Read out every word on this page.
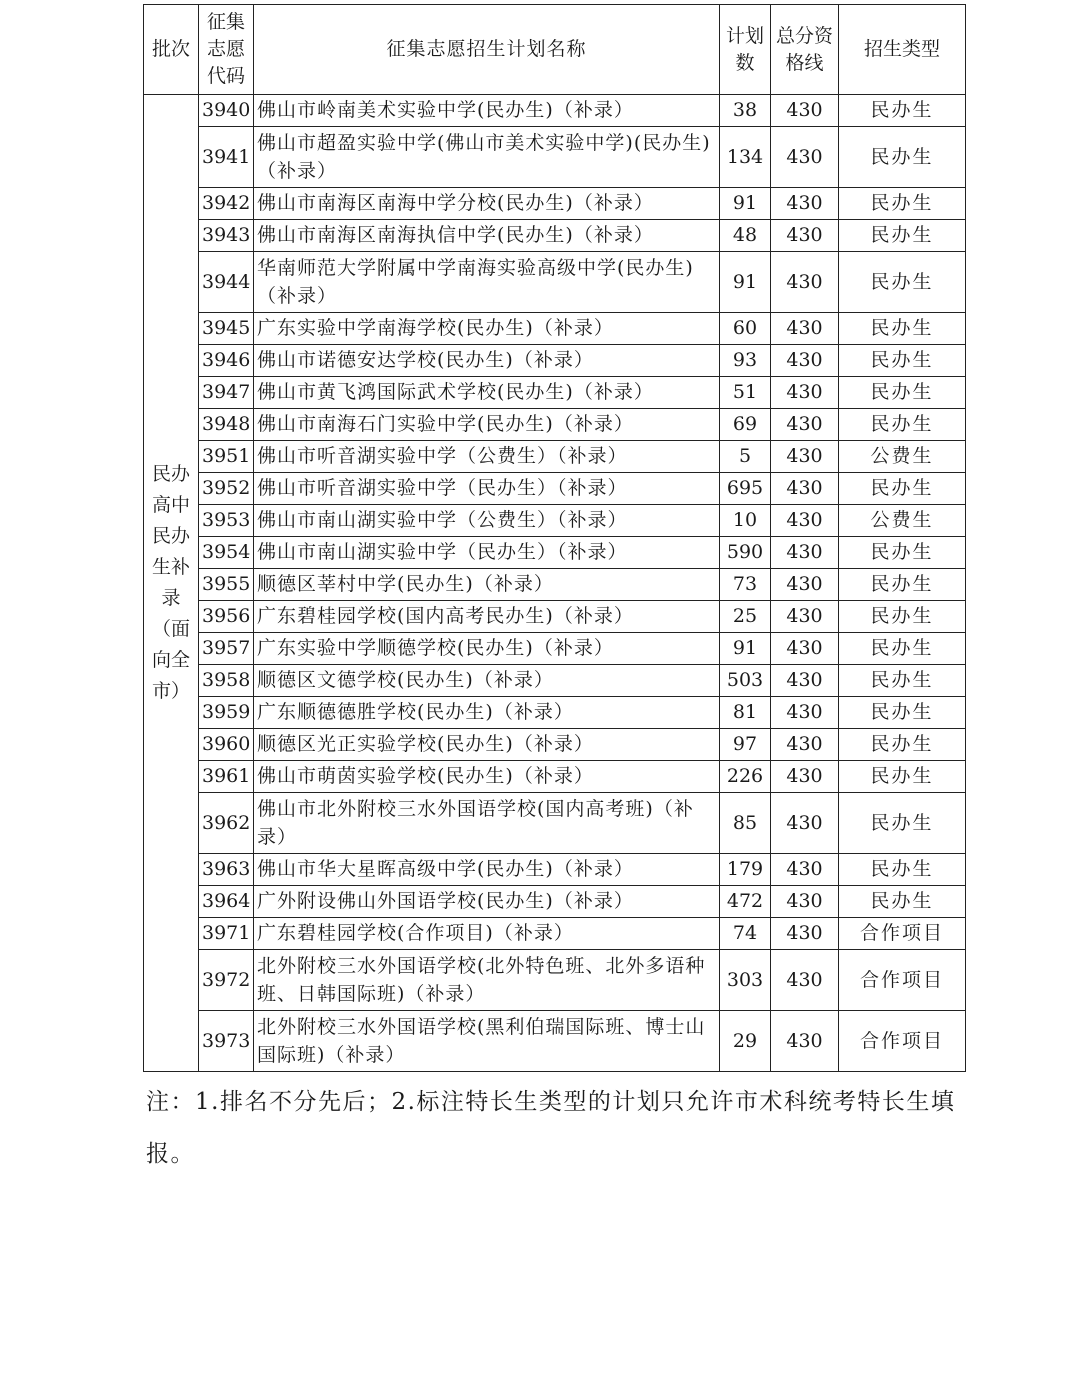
批次	征集志愿代码	征集志愿招生计划名称	计划数	总分资格线	招生类型
民办高中民办生补录（面向全市）	3940	佛山市岭南美术实验中学(民办生)（补录）	38	430	民办生
	3941	佛山市超盈实验中学(佛山市美术实验中学)(民办生)（补录）	134	430	民办生
	3942	佛山市南海区南海中学分校(民办生)（补录）	91	430	民办生
	3943	佛山市南海区南海执信中学(民办生)（补录）	48	430	民办生
	3944	华南师范大学附属中学南海实验高级中学(民办生)（补录）	91	430	民办生
	3945	广东实验中学南海学校(民办生)（补录）	60	430	民办生
	3946	佛山市诺德安达学校(民办生)（补录）	93	430	民办生
	3947	佛山市黄飞鸿国际武术学校(民办生)（补录）	51	430	民办生
	3948	佛山市南海石门实验中学(民办生)（补录）	69	430	民办生
	3951	佛山市听音湖实验中学（公费生）（补录）	5	430	公费生
	3952	佛山市听音湖实验中学（民办生）（补录）	695	430	民办生
	3953	佛山市南山湖实验中学（公费生）（补录）	10	430	公费生
	3954	佛山市南山湖实验中学（民办生）（补录）	590	430	民办生
	3955	顺德区莘村中学(民办生)（补录）	73	430	民办生
	3956	广东碧桂园学校(国内高考民办生)（补录）	25	430	民办生
	3957	广东实验中学顺德学校(民办生)（补录）	91	430	民办生
	3958	顺德区文德学校(民办生)（补录）	503	430	民办生
	3959	广东顺德德胜学校(民办生)（补录）	81	430	民办生
	3960	顺德区光正实验学校(民办生)（补录）	97	430	民办生
	3961	佛山市萌茵实验学校(民办生)（补录）	226	430	民办生
	3962	佛山市北外附校三水外国语学校(国内高考班)（补录）	85	430	民办生
	3963	佛山市华大星晖高级中学(民办生)（补录）	179	430	民办生
	3964	广外附设佛山外国语学校(民办生)（补录）	472	430	民办生
	3971	广东碧桂园学校(合作项目)（补录）	74	430	合作项目
	3972	北外附校三水外国语学校(北外特色班、北外多语种班、日韩国际班)（补录）	303	430	合作项目
	3973	北外附校三水外国语学校(黑利伯瑞国际班、博士山国际班)（补录）	29	430	合作项目
注：1.排名不分先后；2.标注特长生类型的计划只允许市术科统考特长生填报。
